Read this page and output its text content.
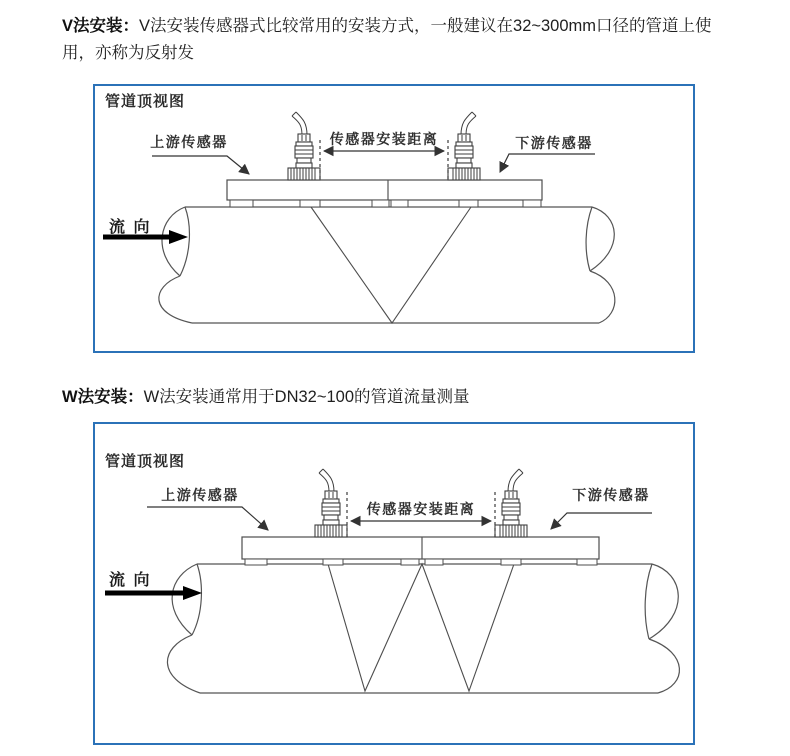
V法安装：V法安装传感器式比较常用的安装方式，一般建议在32~300mm口径的管道上使用，亦称为反射发
管道顶视图
传感器安装距离
上游传感器	下游传感器
流 向
W法安装：W法安装通常用于DN32~100的管道流量测量
管道顶视图
传感器安装距离
上游传感器	下游传感器
流 向
